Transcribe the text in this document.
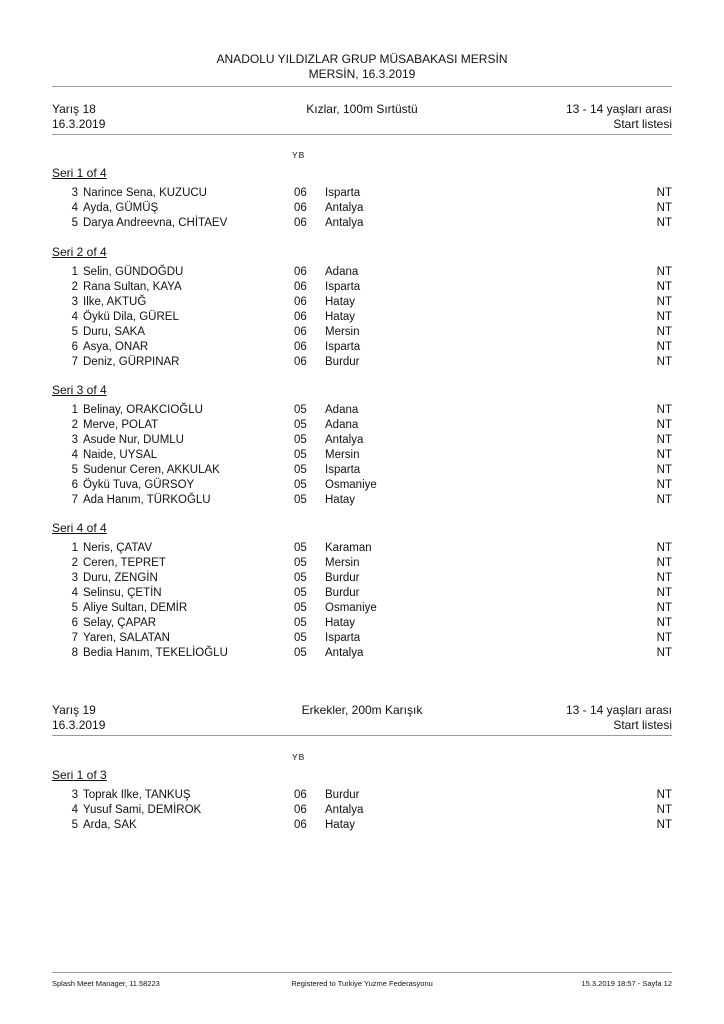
ANADOLU YILDIZLAR GRUP MÜSABAKASI MERSİN
MERSİN, 16.3.2019
Yarış 18
16.3.2019
Kızlar, 100m Sırtüstü	13 - 14 yaşları arası
Start listesi
YB
Seri 1 of 4
3 Narince Sena, KUZUCU	06 Isparta	NT
4 Ayda, GÜMÜŞ	06 Antalya	NT
5 Darya Andreevna, CHİTAEV	06 Antalya	NT
Seri 2 of 4
1 Selin, GÜNDOĞDU	06 Adana	NT
2 Rana Sultan, KAYA	06 Isparta	NT
3 Ilke, AKTUĞ	06 Hatay	NT
4 Öykü Dila, GÜREL	06 Hatay	NT
5 Duru, SAKA	06 Mersin	NT
6 Asya, ONAR	06 Isparta	NT
7 Deniz, GÜRPINAR	06 Burdur	NT
Seri 3 of 4
1 Belinay, ORAKCIOĞLU	05 Adana	NT
2 Merve, POLAT	05 Adana	NT
3 Asude Nur, DUMLU	05 Antalya	NT
4 Naide, UYSAL	05 Mersin	NT
5 Sudenur Ceren, AKKULAK	05 Isparta	NT
6 Öykü Tuva, GÜRSOY	05 Osmaniye	NT
7 Ada Hanım, TÜRKOĞLU	05 Hatay	NT
Seri 4 of 4
1 Neris, ÇATAV	05 Karaman	NT
2 Ceren, TEPRET	05 Mersin	NT
3 Duru, ZENGİN	05 Burdur	NT
4 Selinsu, ÇETİN	05 Burdur	NT
5 Aliye Sultan, DEMİR	05 Osmaniye	NT
6 Selay, ÇAPAR	05 Hatay	NT
7 Yaren, SALATAN	05 Isparta	NT
8 Bedia Hanım, TEKELİOĞLU	05 Antalya	NT
Yarış 19
16.3.2019
Erkekler, 200m Karışık	13 - 14 yaşları arası
Start listesi
YB
Seri 1 of 3
3 Toprak Ilke, TANKUŞ	06 Burdur	NT
4 Yusuf Sami, DEMİROK	06 Antalya	NT
5 Arda, SAK	06 Hatay	NT
Splash Meet Manager, 11.58223	Registered to Turkiye Yuzme Federasyonu	15.3.2019 18:57 - Sayfa 12
